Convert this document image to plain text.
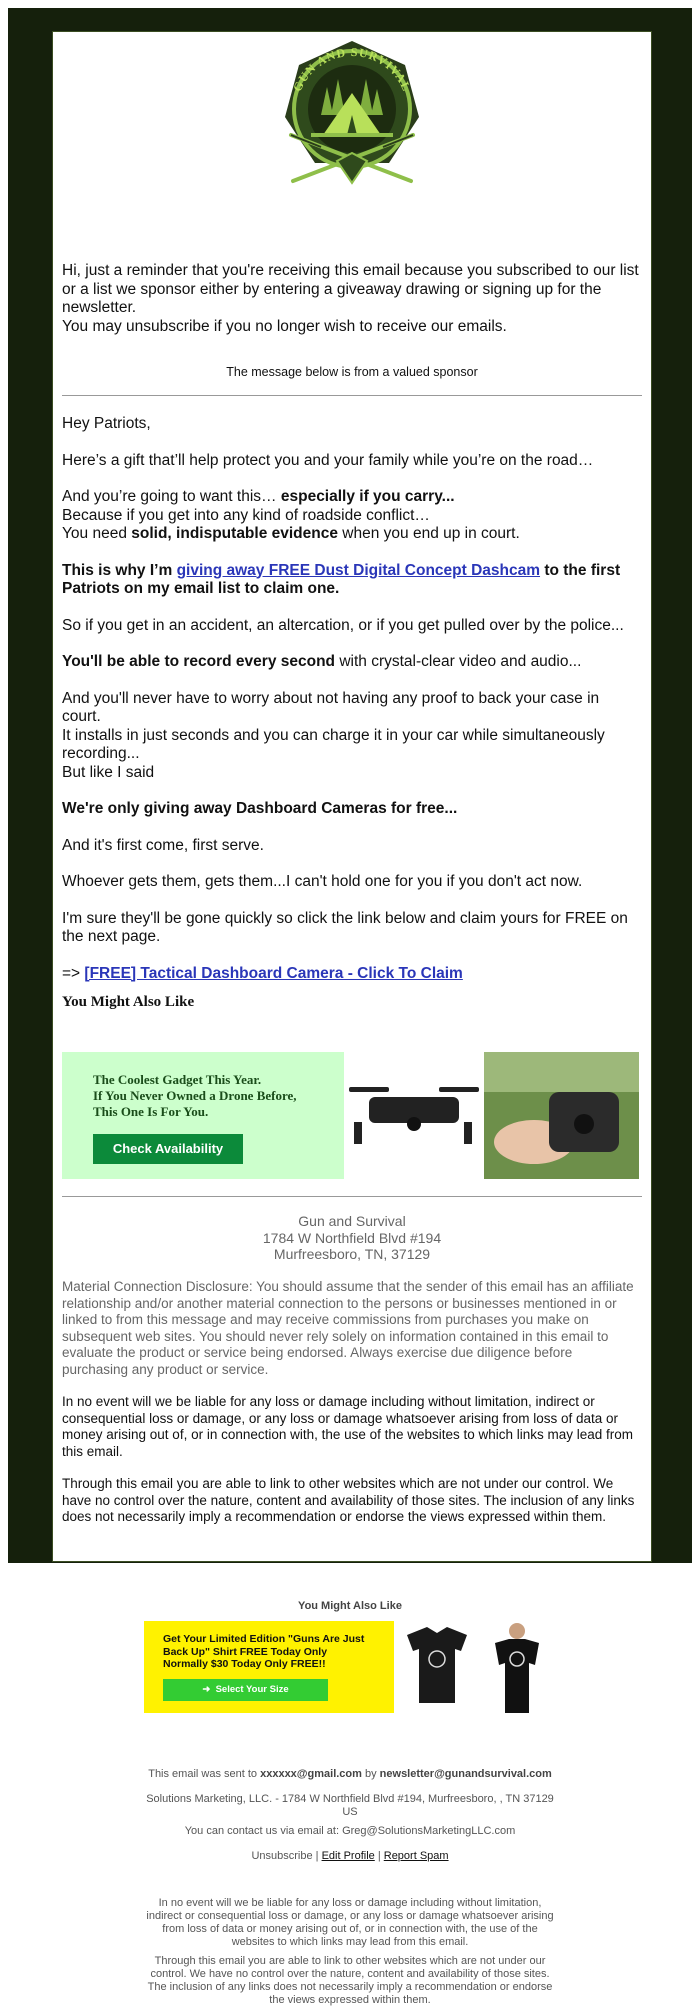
GUN AND SURVIVAL

Hi, just a reminder that you're receiving this email because you subscribed to our list or a list we sponsor either by entering a giveaway drawing or signing up for the newsletter.

You may unsubscribe if you no longer wish to receive our emails.

The message below is from a valued sponsor

Hey Patriots,

Here’s a gift that’ll help protect you and your family while you’re on the road…

And you’re going to want this… especially if you carry...

Because if you get into any kind of roadside conflict…

You need solid, indisputable evidence when you end up in court.

This is why I’m giving away FREE Dust Digital Concept Dashcam to the first Patriots on my email list to claim one.

So if you get in an accident, an altercation, or if you get pulled over by the police...

You'll be able to record every second with crystal-clear video and audio...

And you'll never have to worry about not having any proof to back your case in court.

It installs in just seconds and you can charge it in your car while simultaneously recording...

But like I said

We're only giving away Dashboard Cameras for free...

And it's first come, first serve.

Whoever gets them, gets them...I can't hold one for you if you don't act now.

I'm sure they'll be gone quickly so click the link below and claim yours for FREE on the next page.

=> [FREE] Tactical Dashboard Camera - Click To Claim

You Might Also Like

The Coolest Gadget This Year.
If You Never Owned a Drone Before,
This One Is For You.
Check Availability
Gun and Survival
1784 W Northfield Blvd #194
Murfreesboro, TN, 37129

Material Connection Disclosure: You should assume that the sender of this email has an affiliate relationship and/or another material connection to the persons or businesses mentioned in or linked to from this message and may receive commissions from purchases you make on subsequent web sites. You should never rely solely on information contained in this email to evaluate the product or service being endorsed. Always exercise due diligence before purchasing any product or service.

In no event will we be liable for any loss or damage including without limitation, indirect or consequential loss or damage, or any loss or damage whatsoever arising from loss of data or money arising out of, or in connection with, the use of the websites to which links may lead from this email.

Through this email you are able to link to other websites which are not under our control. We have no control over the nature, content and availability of those sites. The inclusion of any links does not necessarily imply a recommendation or endorse the views expressed within them.

You Might Also Like
Get Your Limited Edition "Guns Are Just
Back Up" Shirt FREE Today Only
Normally $30 Today Only FREE!!
➜  Select Your Size
This email was sent to xxxxxx@gmail.com by newsletter@gunandsurvival.com
Solutions Marketing, LLC. - 1784 W Northfield Blvd #194, Murfreesboro, , TN 37129 US
You can contact us via email at: Greg@SolutionsMarketingLLC.com
Unsubscribe | Edit Profile | Report Spam
In no event will we be liable for any loss or damage including without limitation, indirect or consequential loss or damage, or any loss or damage whatsoever arising from loss of data or money arising out of, or in connection with, the use of the websites to which links may lead from this email.
Through this email you are able to link to other websites which are not under our control. We have no control over the nature, content and availability of those sites. The inclusion of any links does not necessarily imply a recommendation or endorse the views expressed within them.
